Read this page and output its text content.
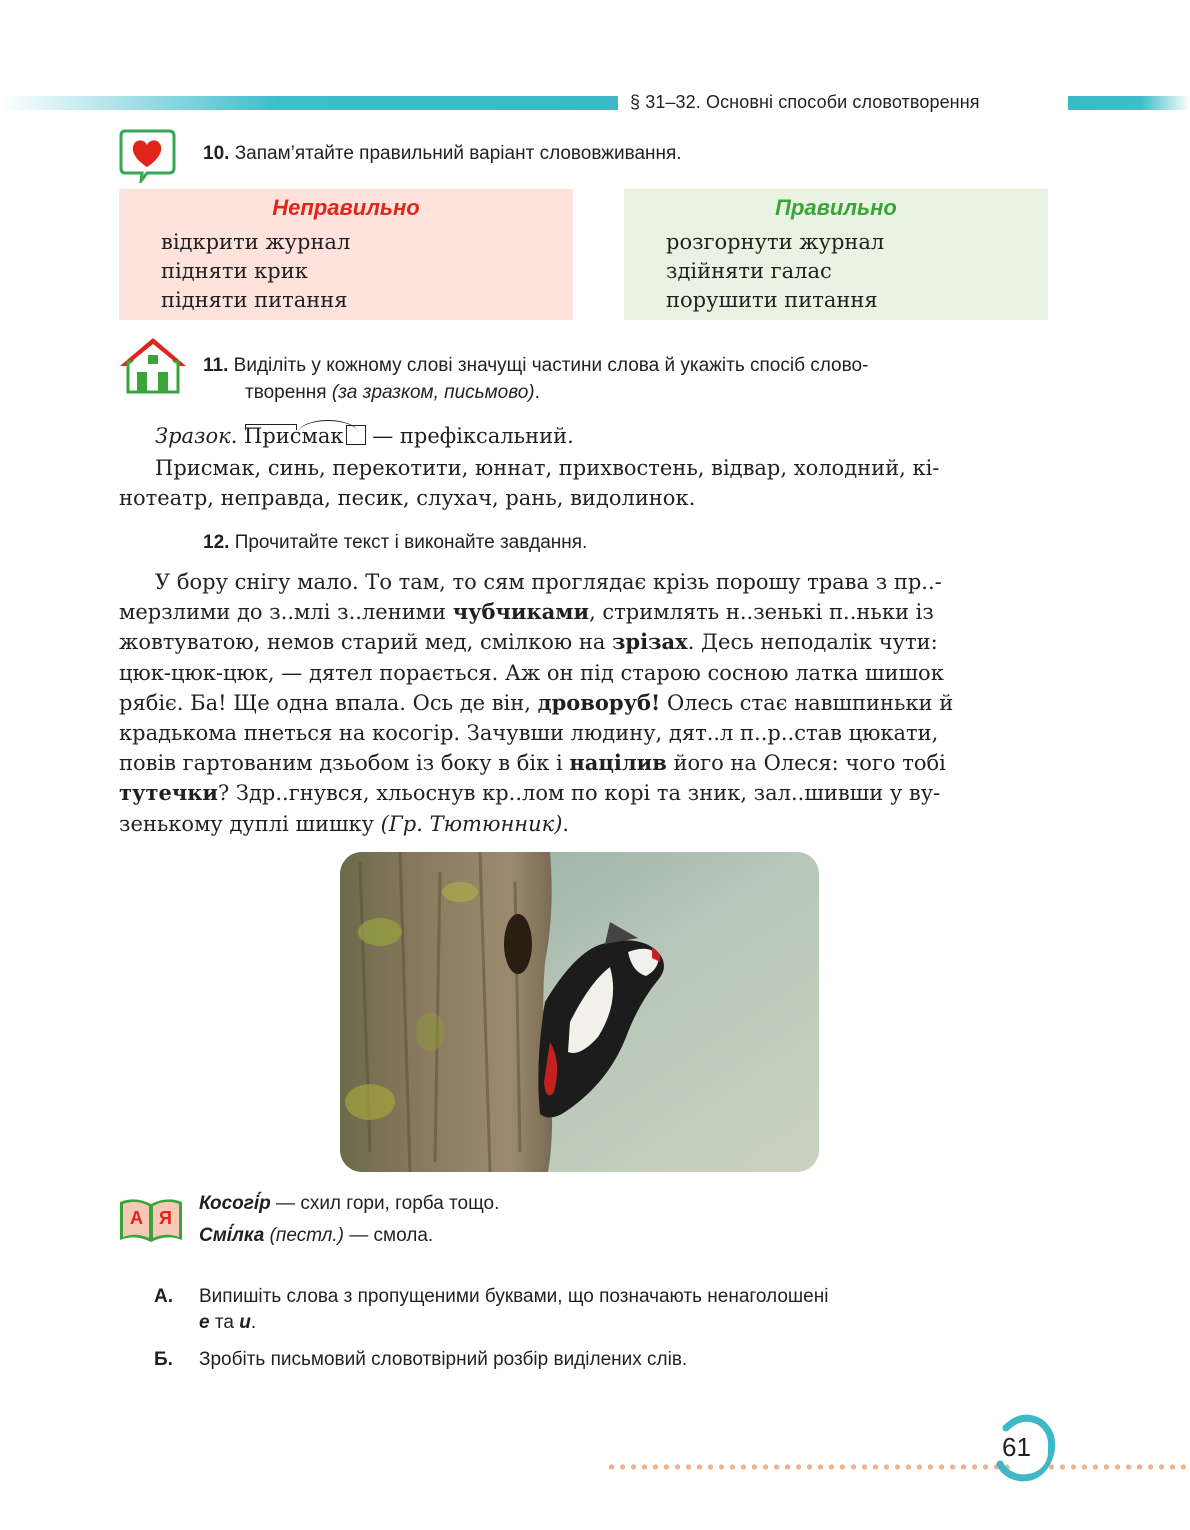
§ 31–32. Основні способи словотворення
10. Запам’ятайте правильний варіант слововживання.
Неправильно
відкрити журнал
підняти крик
підняти питання
Правильно
розгорнути журнал
здійняти галас
порушити питання
11. Виділіть у кожному слові значущі частини слова й укажіть спосіб слово-
творення (за зразком, письмово).
Зразок.
Присмак — префіксальний.
Присмак, синь, перекотити, юннат, прихвостень, відвар, холодний, кі-
нотеатр, неправда, песик, слухач, рань, видолинок.
12. Прочитайте текст і виконайте завдання.
У бору снігу мало. То там, то сям проглядає крізь порошу трава з пр..-
мерзлими до з..млі з..леними чубчиками, стримлять н..зенькі п..ньки із
жовтуватою, немов старий мед, смілкою на зрізах. Десь неподалік чути:
цюк-цюк-цюк, — дятел порається. Аж он під старою сосною латка шишок
рябіє. Ба! Ще одна впала. Ось де він, дроворуб! Олесь стає навшпиньки й
крадькома пнеться на косогір. Зачувши людину, дят..л п..р..став цюкати,
повів гартованим дзьобом із боку в бік і націлив його на Олеся: чого тобі
тутечки? Здр..гнувся, хльоснув кр..лом по корі та зник, зал..шивши у ву-
зенькому дуплі шишку (Гр. Тютюнник).
А Я
Косогі́р — схил гори, горба тощо.
Смі́лка (пестл.) — смола.
А. Випишіть слова з пропущеними буквами, що позначають ненаголошені
е та и.
Б. Зробіть письмовий словотвірний розбір виділених слів.
61
